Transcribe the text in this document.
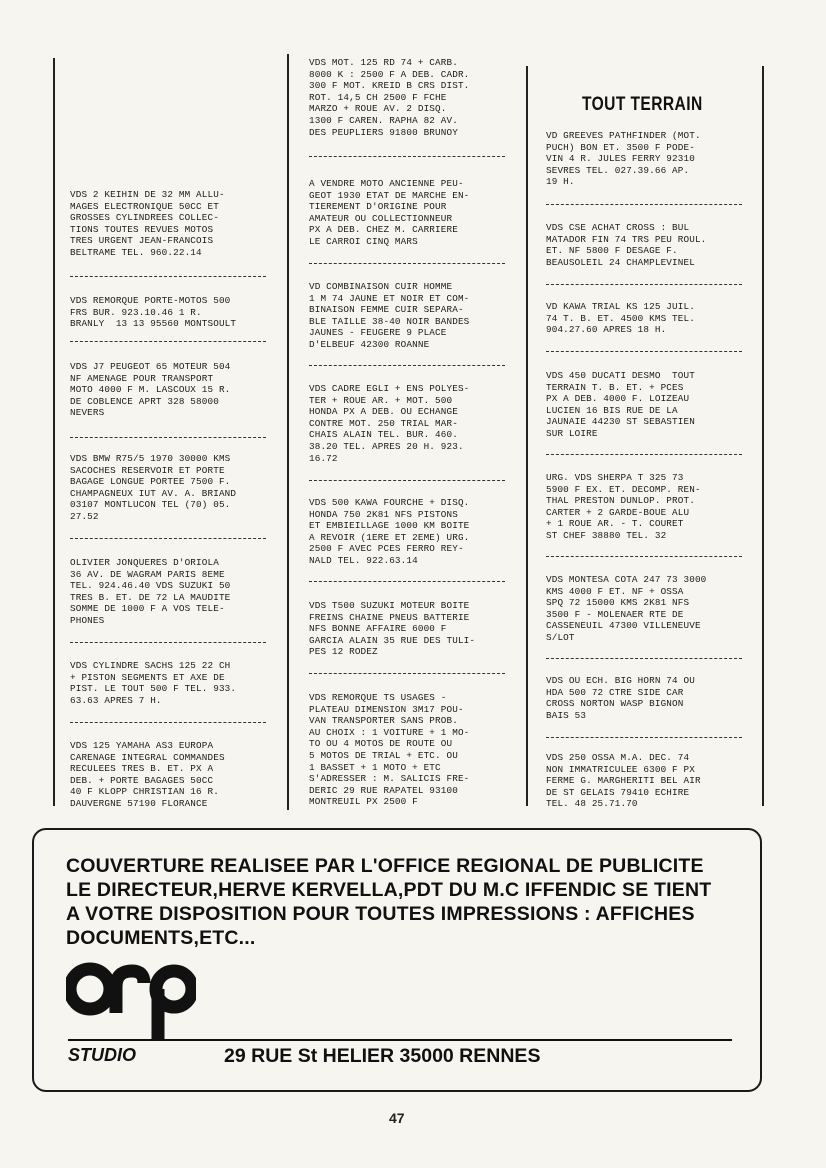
VDS 2 KEIHIN DE 32 MM ALLU-
MAGES ELECTRONIQUE 50CC ET
GROSSES CYLINDREES COLLEC-
TIONS TOUTES REVUES MOTOS
TRES URGENT JEAN-FRANCOIS
BELTRAME TEL. 960.22.14
VDS REMORQUE PORTE-MOTOS 500
FRS BUR. 923.10.46 1 R.
BRANLY  13 13 95560 MONTSOULT
VDS J7 PEUGEOT 65 MOTEUR 504
NF AMENAGE POUR TRANSPORT
MOTO 4000 F M. LASCOUX 15 R.
DE COBLENCE APRT 328 58000
NEVERS
VDS BMW R75/5 1970 30000 KMS
SACOCHES RESERVOIR ET PORTE
BAGAGE LONGUE PORTEE 7500 F.
CHAMPAGNEUX IUT AV. A. BRIAND
03107 MONTLUCON TEL (70) 05.
27.52
OLIVIER JONQUERES D'ORIOLA
36 AV. DE WAGRAM PARIS 8EME
TEL. 924.46.40 VDS SUZUKI 50
TRES B. ET. DE 72 LA MAUDITE
SOMME DE 1000 F A VOS TELE-
PHONES
VDS CYLINDRE SACHS 125 22 CH
+ PISTON SEGMENTS ET AXE DE
PIST. LE TOUT 500 F TEL. 933.
63.63 APRES 7 H.
VDS 125 YAMAHA AS3 EUROPA
CARENAGE INTEGRAL COMMANDES
RECULEES TRES B. ET. PX A
DEB. + PORTE BAGAGES 50CC
40 F KLOPP CHRISTIAN 16 R.
DAUVERGNE 57190 FLORANCE
VDS MOT. 125 RD 74 + CARB.
8000 K : 2500 F A DEB. CADR.
300 F MOT. KREID B CRS DIST.
ROT. 14,5 CH 2500 F FCHE
MARZO + ROUE AV. 2 DISQ.
1300 F CAREN. RAPHA 82 AV.
DES PEUPLIERS 91800 BRUNOY
A VENDRE MOTO ANCIENNE PEU-
GEOT 1930 ETAT DE MARCHE EN-
TIEREMENT D'ORIGINE POUR
AMATEUR OU COLLECTIONNEUR
PX A DEB. CHEZ M. CARRIERE
LE CARROI CINQ MARS
VD COMBINAISON CUIR HOMME
1 M 74 JAUNE ET NOIR ET COM-
BINAISON FEMME CUIR SEPARA-
BLE TAILLE 38-40 NOIR BANDES
JAUNES - FEUGERE 9 PLACE
D'ELBEUF 42300 ROANNE
VDS CADRE EGLI + ENS POLYES-
TER + ROUE AR. + MOT. 500
HONDA PX A DEB. OU ECHANGE
CONTRE MOT. 250 TRIAL MAR-
CHAIS ALAIN TEL. BUR. 460.
38.20 TEL. APRES 20 H. 923.
16.72
VDS 500 KAWA FOURCHE + DISQ.
HONDA 750 2K81 NFS PISTONS
ET EMBIEILLAGE 1000 KM BOITE
A REVOIR (1ERE ET 2EME) URG.
2500 F AVEC PCES FERRO REY-
NALD TEL. 922.63.14
VDS T500 SUZUKI MOTEUR BOITE
FREINS CHAINE PNEUS BATTERIE
NFS BONNE AFFAIRE 6000 F
GARCIA ALAIN 35 RUE DES TULI-
PES 12 RODEZ
VDS REMORQUE TS USAGES -
PLATEAU DIMENSION 3M17 POU-
VAN TRANSPORTER SANS PROB.
AU CHOIX : 1 VOITURE + 1 MO-
TO OU 4 MOTOS DE ROUTE OU
5 MOTOS DE TRIAL + ETC. OU
1 BASSET + 1 MOTO + ETC
S'ADRESSER : M. SALICIS FRE-
DERIC 29 RUE RAPATEL 93100
MONTREUIL PX 2500 F
TOUT TERRAIN
VD GREEVES PATHFINDER (MOT.
PUCH) BON ET. 3500 F PODE-
VIN 4 R. JULES FERRY 92310
SEVRES TEL. 027.39.66 AP.
19 H.
VDS CSE ACHAT CROSS : BUL
MATADOR FIN 74 TRS PEU ROUL.
ET. NF 5800 F DESAGE F.
BEAUSOLEIL 24 CHAMPLEVINEL
VD KAWA TRIAL KS 125 JUIL.
74 T. B. ET. 4500 KMS TEL.
904.27.60 APRES 18 H.
VDS 450 DUCATI DESMO  TOUT
TERRAIN T. B. ET. + PCES
PX A DEB. 4000 F. LOIZEAU
LUCIEN 16 BIS RUE DE LA
JAUNAIE 44230 ST SEBASTIEN
SUR LOIRE
URG. VDS SHERPA T 325 73
5900 F EX. ET. DECOMP. REN-
THAL PRESTON DUNLOP. PROT.
CARTER + 2 GARDE-BOUE ALU
+ 1 ROUE AR. - T. COURET
ST CHEF 38880 TEL. 32
VDS MONTESA COTA 247 73 3000
KMS 4000 F ET. NF + OSSA
SPQ 72 15000 KMS 2K81 NFS
3500 F - MOLENAER RTE DE
CASSENEUIL 47300 VILLENEUVE
S/LOT
VDS OU ECH. BIG HORN 74 OU
HDA 500 72 CTRE SIDE CAR
CROSS NORTON WASP BIGNON
BAIS 53
VDS 250 OSSA M.A. DEC. 74
NON IMMATRICULEE 6300 F PX
FERME G. MARGHERITI BEL AIR
DE ST GELAIS 79410 ECHIRE
TEL. 48 25.71.70

COUVERTURE REALISEE PAR L'OFFICE REGIONAL DE PUBLICITE

LE DIRECTEUR,HERVE KERVELLA,PDT DU M.C IFFENDIC SE TIENT

A VOTRE DISPOSITION POUR TOUTES IMPRESSIONS : AFFICHES

DOCUMENTS,ETC...

STUDIO	29 RUE St HELIER 35000 RENNES

47
